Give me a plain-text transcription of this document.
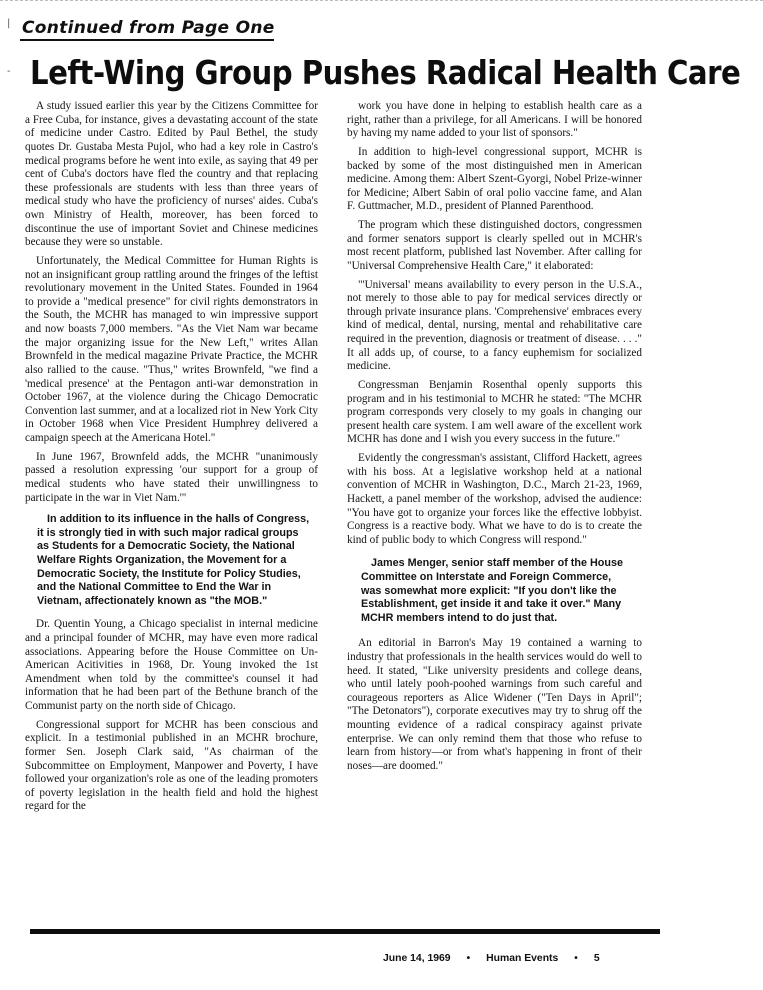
|
-
Continued from Page One
Left-Wing Group Pushes Radical Health Care

A study issued earlier this year by the Citizens Committee for a Free Cuba, for instance, gives a devastating account of the state of medicine under Castro. Edited by Paul Bethel, the study quotes Dr. Gustaba Mesta Pujol, who had a key role in Castro's medical programs before he went into exile, as saying that 49 per cent of Cuba's doctors have fled the country and that replacing these professionals are students with less than three years of medical study who have the proficiency of nurses' aides. Cuba's own Ministry of Health, moreover, has been forced to discontinue the use of important Soviet and Chinese medicines because they were so unstable.

Unfortunately, the Medical Committee for Human Rights is not an insignificant group rattling around the fringes of the leftist revolutionary movement in the United States. Founded in 1964 to provide a "medical presence" for civil rights demonstrators in the South, the MCHR has managed to win impressive support and now boasts 7,000 members. "As the Viet Nam war became the major organizing issue for the New Left," writes Allan Brownfeld in the medical magazine Private Practice, the MCHR also rallied to the cause. "Thus," writes Brownfeld, "we find a 'medical presence' at the Pentagon anti-war demonstration in October 1967, at the violence during the Chicago Democratic Convention last summer, and at a localized riot in New York City in October 1968 when Vice President Humphrey delivered a campaign speech at the Americana Hotel."

In June 1967, Brownfeld adds, the MCHR "unanimously passed a resolution expressing 'our support for a group of medical students who have stated their unwillingness to participate in the war in Viet Nam.'"

In addition to its influence in the halls of Congress, it is strongly tied in with such major radical groups as Students for a Democratic Society, the National Welfare Rights Organization, the Movement for a Democratic Society, the Institute for Policy Studies, and the National Committee to End the War in Vietnam, affectionately known as "the MOB."

Dr. Quentin Young, a Chicago specialist in internal medicine and a principal founder of MCHR, may have even more radical associations. Appearing before the House Committee on Un-American Acitivities in 1968, Dr. Young invoked the 1st Amendment when told by the committee's counsel it had information that he had been part of the Bethune branch of the Communist party on the north side of Chicago.

Congressional support for MCHR has been conscious and explicit. In a testimonial published in an MCHR brochure, former Sen. Joseph Clark said, "As chairman of the Subcommittee on Employment, Manpower and Poverty, I have followed your organization's role as one of the leading promoters of poverty legislation in the health field and hold the highest regard for the

work you have done in helping to establish health care as a right, rather than a privilege, for all Americans. I will be honored by having my name added to your list of sponsors."

In addition to high-level congressional support, MCHR is backed by some of the most distinguished men in American medicine. Among them: Albert Szent-Gyorgi, Nobel Prize-winner for Medicine; Albert Sabin of oral polio vaccine fame, and Alan F. Guttmacher, M.D., president of Planned Parenthood.

The program which these distinguished doctors, congressmen and former senators support is clearly spelled out in MCHR's most recent platform, published last November. After calling for "Universal Comprehensive Health Care," it elaborated:

"'Universal' means availability to every person in the U.S.A., not merely to those able to pay for medical services directly or through private insurance plans. 'Comprehensive' embraces every kind of medical, dental, nursing, mental and rehabilitative care required in the prevention, diagnosis or treatment of disease. . . ." It all adds up, of course, to a fancy euphemism for socialized medicine.

Congressman Benjamin Rosenthal openly supports this program and in his testimonial to MCHR he stated: "The MCHR program corresponds very closely to my goals in changing our present health care system. I am well aware of the excellent work MCHR has done and I wish you every success in the future."

Evidently the congressman's assistant, Clifford Hackett, agrees with his boss. At a legislative workshop held at a national convention of MCHR in Washington, D.C., March 21-23, 1969, Hackett, a panel member of the workshop, advised the audience: "You have got to organize your forces like the effective lobbyist. Congress is a reactive body. What we have to do is to create the kind of public body to which Congress will respond."

James Menger, senior staff member of the House Committee on Interstate and Foreign Commerce, was somewhat more explicit: "If you don't like the Establishment, get inside it and take it over." Many MCHR members intend to do just that.

An editorial in Barron's May 19 contained a warning to industry that professionals in the health services would do well to heed. It stated, "Like university presidents and college deans, who until lately pooh-poohed warnings from such careful and courageous reporters as Alice Widener ("Ten Days in April"; "The Detonators"), corporate executives may try to shrug off the mounting evidence of a radical conspiracy against private enterprise. We can only remind them that those who refuse to learn from history—or from what's happening in front of their noses—are doomed."

June 14, 1969 • Human Events • 5
